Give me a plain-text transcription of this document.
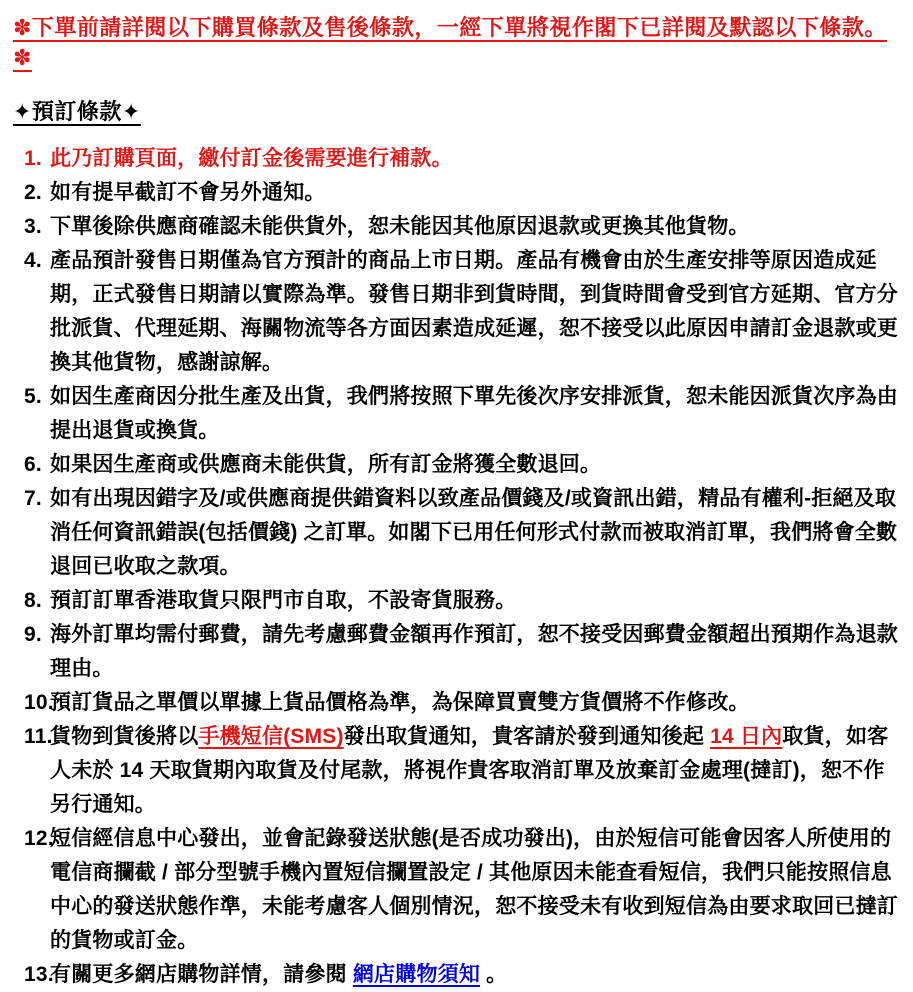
✽下單前請詳閱以下購買條款及售後條款，一經下單將視作閣下已詳閱及默認以下條款。✽

✦預訂條款✦

1. 此乃訂購頁面，繳付訂金後需要進行補款。
2. 如有提早截訂不會另外通知。
3. 下單後除供應商確認未能供貨外，恕未能因其他原因退款或更換其他貨物。
4. 產品預計發售日期僅為官方預計的商品上市日期。產品有機會由於生產安排等原因造成延期，正式發售日期請以實際為準。發售日期非到貨時間，到貨時間會受到官方延期、官方分批派貨、代理延期、海關物流等各方面因素造成延遲，恕不接受以此原因申請訂金退款或更換其他貨物，感謝諒解。
5. 如因生產商因分批生產及出貨，我們將按照下單先後次序安排派貨，恕未能因派貨次序為由提出退貨或換貨。
6. 如果因生產商或供應商未能供貨，所有訂金將獲全數退回。
7. 如有出現因錯字及/或供應商提供錯資料以致產品價錢及/或資訊出錯，精品有權利-拒絕及取消任何資訊錯誤(包括價錢) 之訂單。如閣下已用任何形式付款而被取消訂單，我們將會全數退回已收取之款項。
8. 預訂訂單香港取貨只限門市自取，不設寄貨服務。
9. 海外訂單均需付郵費，請先考慮郵費金額再作預訂，恕不接受因郵費金額超出預期作為退款理由。
10.
預訂貨品之單價以單據上貨品價格為準，為保障買賣雙方貨價將不作修改。
11.
貨物到貨後將以手機短信(SMS)發出取貨通知，貴客請於發到通知後起 14 日內取貨，如客人未於 14 天取貨期內取貨及付尾款，將視作貴客取消訂單及放棄訂金處理(撻訂)，恕不作另行通知。
12.
短信經信息中心發出，並會記錄發送狀態(是否成功發出)，由於短信可能會因客人所使用的電信商攔截 / 部分型號手機內置短信攔置設定 / 其他原因未能查看短信，我們只能按照信息中心的發送狀態作準，未能考慮客人個別情況，恕不接受未有收到短信為由要求取回已撻訂的貨物或訂金。
13.
有關更多網店購物詳情，請參閱 網店購物須知 。
